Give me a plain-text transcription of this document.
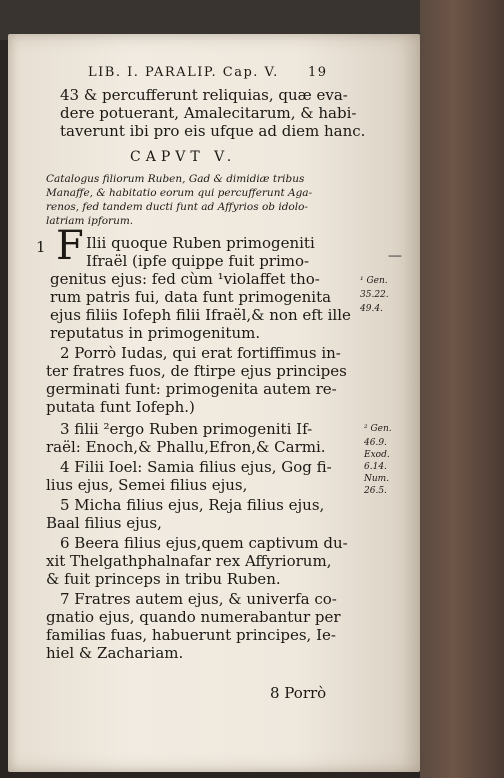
LIB. I. PARALIP. Cap. V. 19
43 & percufferunt reliquias, quæ eva-
dere potuerant, Amalecitarum, & habi-
taverunt ibi pro eis ufque ad diem hanc.
CAPVT V.
Catalogus filiorum Ruben, Gad & dimidiæ tribus
Manaffe, & habitatio eorum qui percufferunt Aga-
renos, fed tandem ducti funt ad Affyrios ob idolo-
latriam ipforum.
1 F Ilii quoque Ruben primogeniti
Ifraël (ipfe quippe fuit primo-
genitus ejus: fed cùm ¹violaffet tho-
rum patris fui, data funt primogenita
ejus filiis Iofeph filii Ifraël,& non eft ille
reputatus in primogenitum.
2 Porrò Iudas, qui erat fortiffimus in-
ter fratres fuos, de ftirpe ejus principes
germinati funt: primogenita autem re-
putata funt Iofeph.)
3 filii ²ergo Ruben primogeniti If-
raël: Enoch,& Phallu,Efron,& Carmi.
4 Filii Ioel: Samia filius ejus, Gog fi-
lius ejus, Semei filius ejus,
5 Micha filius ejus, Reja filius ejus,
Baal filius ejus,
6 Beera filius ejus,quem captivum du-
xit Thelgathphalnafar rex Affyriorum,
& fuit princeps in tribu Ruben.
7 Fratres autem ejus, & univerfa co-
gnatio ejus, quando numerabantur per
familias fuas, habuerunt principes, Ie-
hiel & Zachariam.
8 Porrò
¹ Gen.
35.22.
49.4.
² Gen.
46.9.
Exod.
6.14.
Num.
26.5.
—
